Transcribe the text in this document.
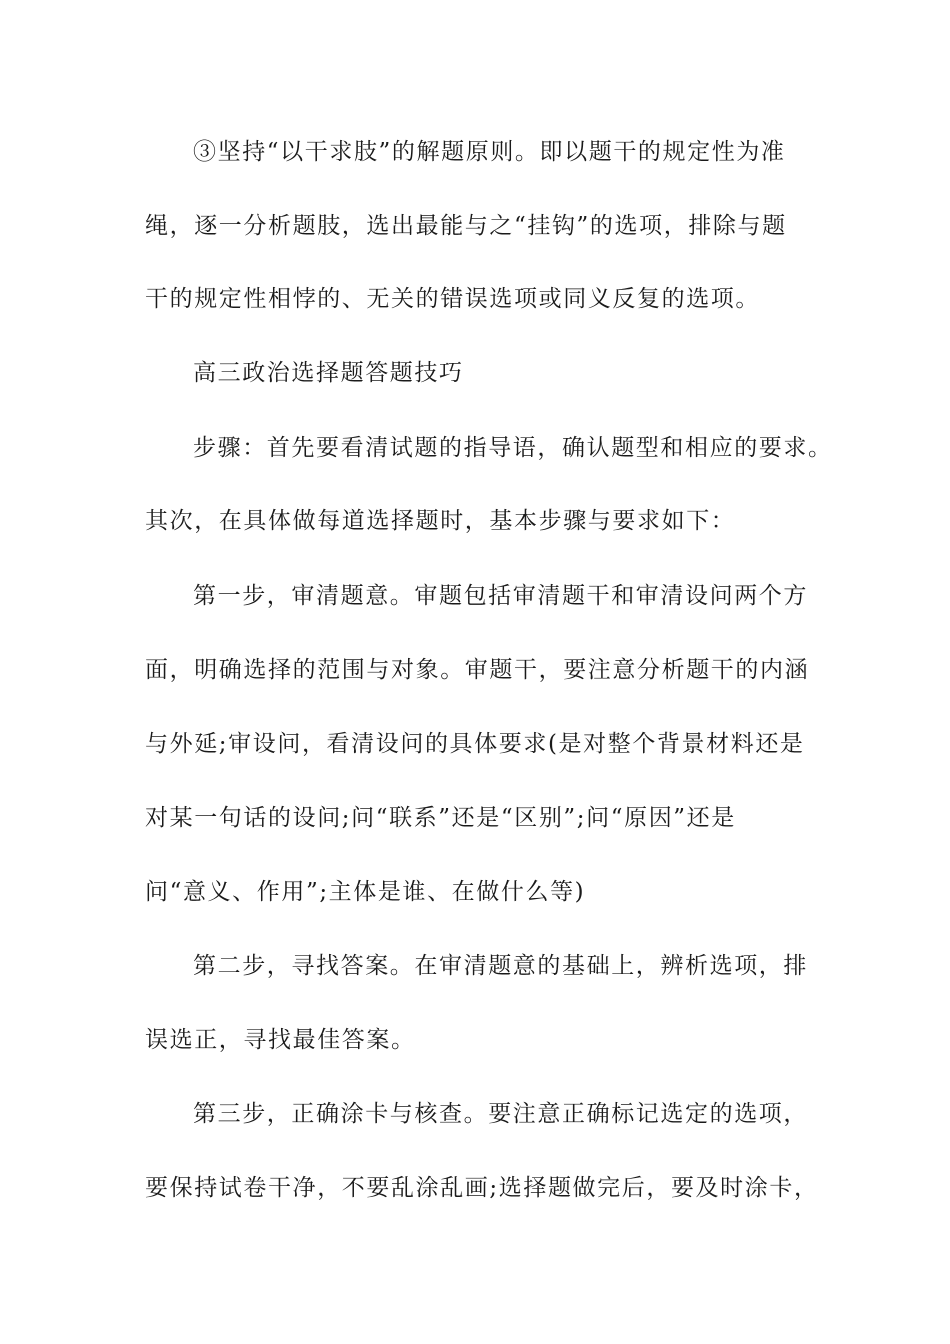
③坚持“以干求肢”的解题原则。即以题干的规定性为准

绳，逐一分析题肢，选出最能与之“挂钩”的选项，排除与题

干的规定性相悖的、无关的错误选项或同义反复的选项。

高三政治选择题答题技巧

步骤：首先要看清试题的指导语，确认题型和相应的要求。

其次，在具体做每道选择题时，基本步骤与要求如下：

第一步，审清题意。审题包括审清题干和审清设问两个方

面，明确选择的范围与对象。审题干，要注意分析题干的内涵

与外延;审设问，看清设问的具体要求(是对整个背景材料还是

对某一句话的设问;问“联系”还是“区别”;问“原因”还是

问“意义、作用”;主体是谁、在做什么等)

第二步，寻找答案。在审清题意的基础上，辨析选项，排

误选正，寻找最佳答案。

第三步，正确涂卡与核查。要注意正确标记选定的选项，

要保持试卷干净，不要乱涂乱画;选择题做完后，要及时涂卡，
